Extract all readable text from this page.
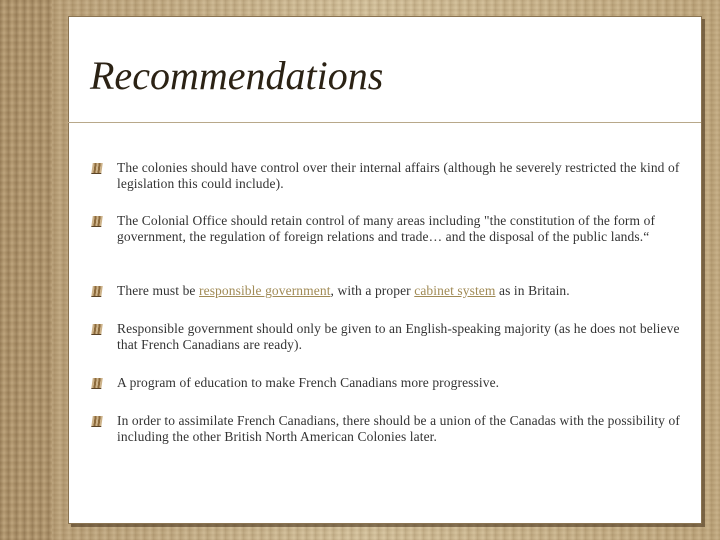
Recommendations
The colonies should have control over their internal affairs (although he severely restricted the kind of legislation this could include).
The Colonial Office should retain control of many areas including "the constitution of the form of government, the regulation of foreign relations and trade… and the disposal of the public lands.“
There must be responsible government, with a proper cabinet system as in Britain.
Responsible government should only be given to an English-speaking majority (as he does not believe that French Canadians are ready).
A program of education to make French Canadians more progressive.
In order to assimilate French Canadians, there should be a union of the Canadas with the possibility of including the other British North American Colonies later.
